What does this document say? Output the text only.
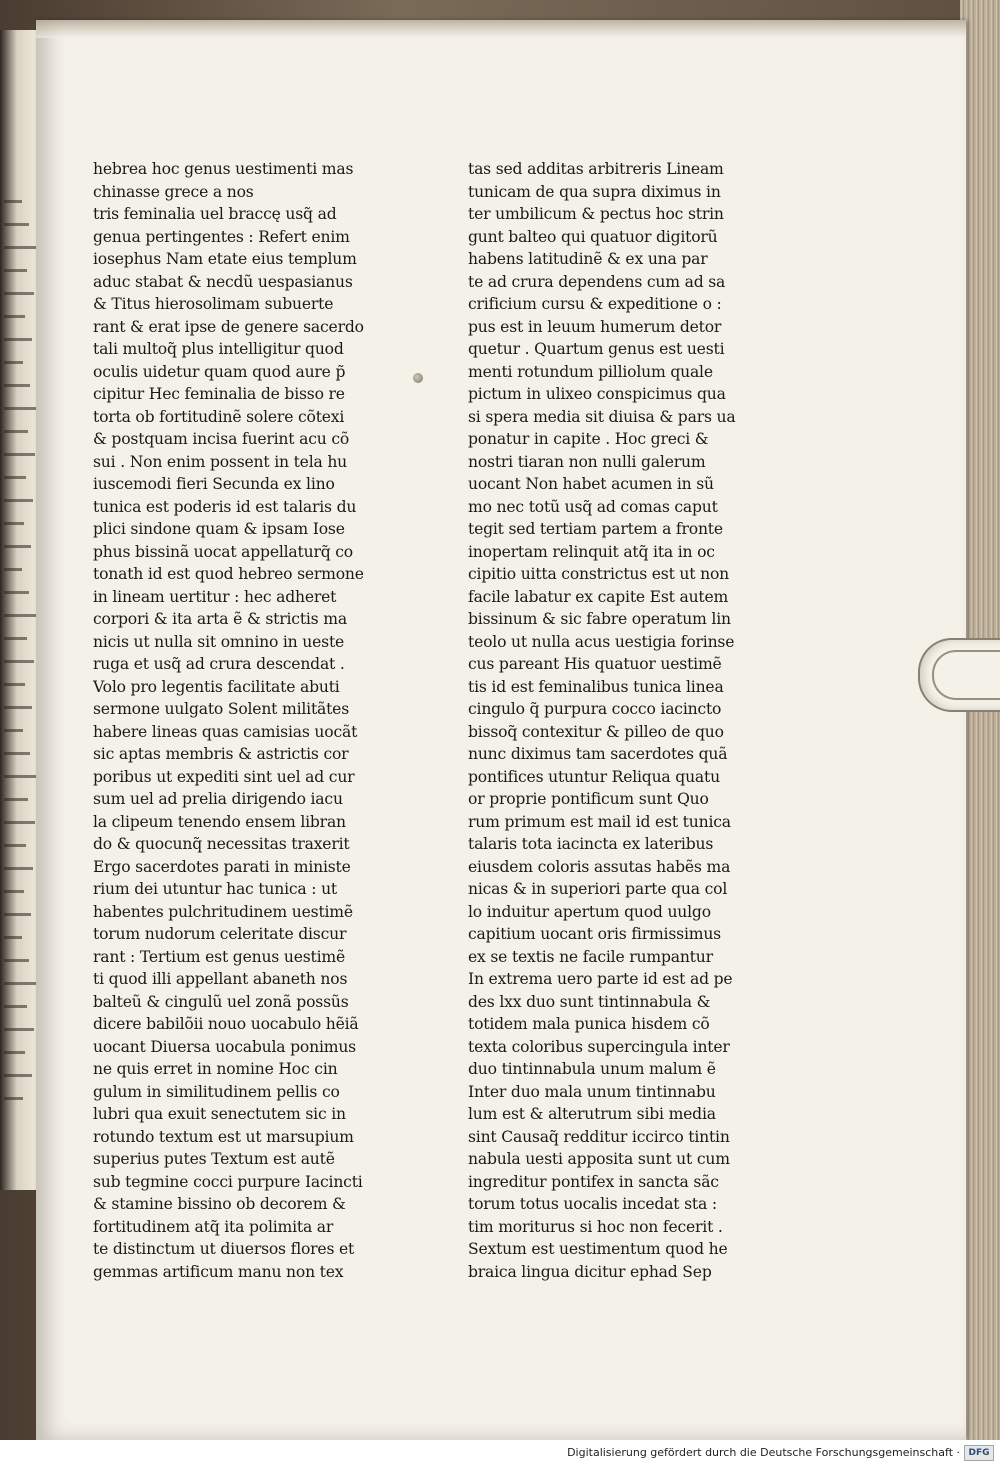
hebrea hoc genus uestimenti mas
chinasse grece a nos
tris feminalia uel braccę usq̃ ad
genua pertingentes : Refert enim
iosephus Nam etate eius templum
aduc stabat & necdũ uespasianus
& Titus hierosolimam subuerte
rant & erat ipse de genere sacerdo
tali multoq̃ plus intelligitur quod
oculis uidetur quam quod aure p̃
cipitur Hec feminalia de bisso re
torta ob fortitudinẽ solere cõtexi
& postquam incisa fuerint acu cõ
sui . Non enim possent in tela hu
iuscemodi fieri Secunda ex lino
tunica est poderis id est talaris du
plici sindone quam & ipsam Iose
phus bissinã uocat appellaturq̃ co
tonath id est quod hebreo sermone
in lineam uertitur : hec adheret
corpori & ita arta ẽ & strictis ma
nicis ut nulla sit omnino in ueste
ruga et usq̃ ad crura descendat .
Volo pro legentis facilitate abuti
sermone uulgato Solent militãtes
habere lineas quas camisias uocãt
sic aptas membris & astrictis cor
poribus ut expediti sint uel ad cur
sum uel ad prelia dirigendo iacu
la clipeum tenendo ensem libran
do & quocunq̃ necessitas traxerit
Ergo sacerdotes parati in ministe
rium dei utuntur hac tunica : ut
habentes pulchritudinem uestimẽ
torum nudorum celeritate discur
rant : Tertium est genus uestimẽ
ti quod illi appellant abaneth nos
balteũ & cingulũ uel zonã possũs
dicere babilõii nouo uocabulo hẽiã
uocant Diuersa uocabula ponimus
ne quis erret in nomine Hoc cin
gulum in similitudinem pellis co
lubri qua exuit senectutem sic in
rotundo textum est ut marsupium
superius putes Textum est autẽ
sub tegmine cocci purpure Iacincti
& stamine bissino ob decorem &
fortitudinem atq̃ ita polimita ar
te distinctum ut diuersos flores et
gemmas artificum manu non tex
tas sed additas arbitreris Lineam
tunicam de qua supra diximus in
ter umbilicum & pectus hoc strin
gunt balteo qui quatuor digitorũ
habens latitudinẽ & ex una par
te ad crura dependens cum ad sa
crificium cursu & expeditione o :
pus est in leuum humerum detor
quetur . Quartum genus est uesti
menti rotundum pilliolum quale
pictum in ulixeo conspicimus qua
si spera media sit diuisa & pars ua
ponatur in capite . Hoc greci &
nostri tiaran non nulli galerum
uocant Non habet acumen in sũ
mo nec totũ usq̃ ad comas caput
tegit sed tertiam partem a fronte
inopertam relinquit atq̃ ita in oc
cipitio uitta constrictus est ut non
facile labatur ex capite Est autem
bissinum & sic fabre operatum lin
teolo ut nulla acus uestigia forinse
cus pareant His quatuor uestimẽ
tis id est feminalibus tunica linea
cingulo q̃ purpura cocco iacincto
bissoq̃ contexitur & pilleo de quo
nunc diximus tam sacerdotes quã
pontifices utuntur Reliqua quatu
or proprie pontificum sunt Quo
rum primum est mail id est tunica
talaris tota iacincta ex lateribus
eiusdem coloris assutas habẽs ma
nicas & in superiori parte qua col
lo induitur apertum quod uulgo
capitium uocant oris firmissimus
ex se textis ne facile rumpantur
In extrema uero parte id est ad pe
des lxx duo sunt tintinnabula &
totidem mala punica hisdem cõ
texta coloribus supercingula inter
duo tintinnabula unum malum ẽ
Inter duo mala unum tintinnabu
lum est & alterutrum sibi media
sint Causaq̃ redditur iccirco tintin
nabula uesti apposita sunt ut cum
ingreditur pontifex in sancta sãc
torum totus uocalis incedat sta :
tim moriturus si hoc non fecerit .
Sextum est uestimentum quod he
braica lingua dicitur ephad Sep
Digitalisierung gefördert durch die Deutsche Forschungsgemeinschaft · DFG
